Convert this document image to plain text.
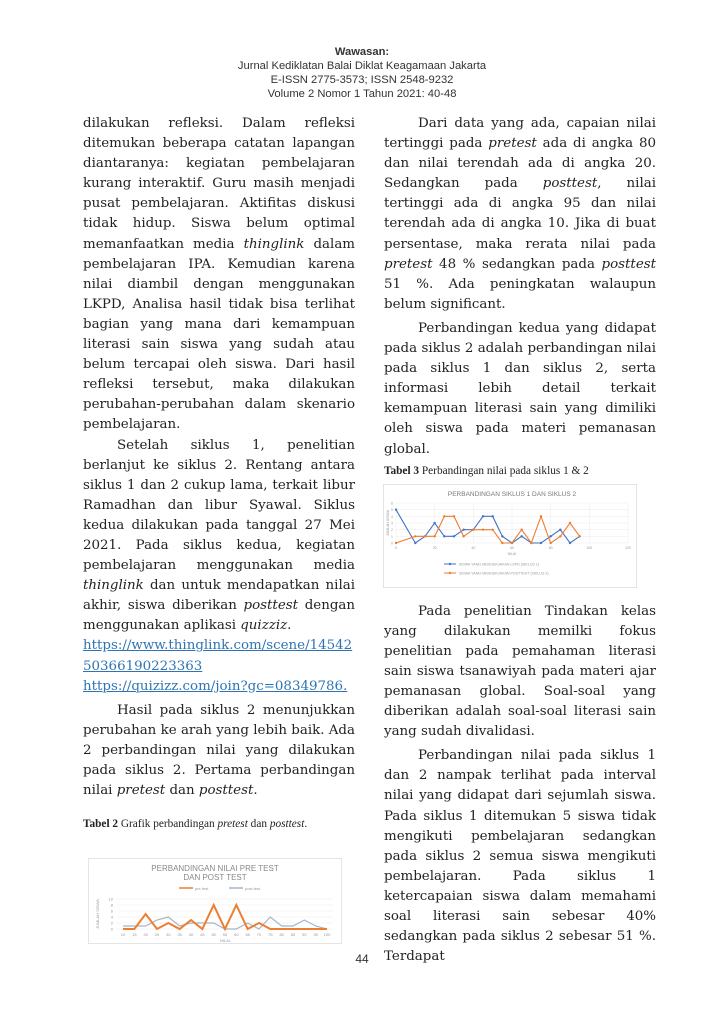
Wawasan:
Jurnal Kediklatan Balai Diklat Keagamaan Jakarta
E-ISSN 2775-3573; ISSN 2548-9232
Volume 2 Nomor 1 Tahun 2021: 40-48

dilakukan refleksi. Dalam refleksi ditemukan beberapa catatan lapangan diantaranya: kegiatan pembelajaran kurang interaktif. Guru masih menjadi pusat pembelajaran. Aktifitas diskusi tidak hidup. Siswa belum optimal memanfaatkan media thinglink dalam pembelajaran IPA. Kemudian karena nilai diambil dengan menggunakan LKPD, Analisa hasil tidak bisa terlihat bagian yang mana dari kemampuan literasi sain siswa yang sudah atau belum tercapai oleh siswa. Dari hasil refleksi tersebut, maka dilakukan perubahan-perubahan dalam skenario pembelajaran.

Setelah siklus 1, penelitian berlanjut ke siklus 2. Rentang antara siklus 1 dan 2 cukup lama, terkait libur Ramadhan dan libur Syawal. Siklus kedua dilakukan pada tanggal 27 Mei 2021. Pada siklus kedua, kegiatan pembelajaran menggunakan media thinglink dan untuk mendapatkan nilai akhir, siswa diberikan posttest dengan menggunakan aplikasi quizziz.
https://www.thinglink.com/scene/1454250366190223363
https://quizizz.com/join?gc=08349786.

Hasil pada siklus 2 menunjukkan perubahan ke arah yang lebih baik. Ada 2 perbandingan nilai yang dilakukan pada siklus 2. Pertama perbandingan nilai pretest dan posttest.

Tabel 2 Grafik perbandingan pretest dan posttest.

PERBANDINGAN NILAI PRE TEST
DAN POST TEST
pre test	post test
0
2
4
6
8
10
10 15 20 25 30 35 40 45 50 55 60 65 70 75 80 85 90 95 100
NILAI
JUMLAH SISWA

Dari data yang ada, capaian nilai tertinggi pada pretest ada di angka 80 dan nilai terendah ada di angka 20. Sedangkan pada posttest, nilai tertinggi ada di angka 95 dan nilai terendah ada di angka 10. Jika di buat persentase, maka rerata nilai pada pretest 48 % sedangkan pada posttest 51 %. Ada peningkatan walaupun belum significant.

Perbandingan kedua yang didapat pada siklus 2 adalah perbandingan nilai pada siklus 1 dan siklus 2, serta informasi lebih detail terkait kemampuan literasi sain yang dimiliki oleh siswa pada materi pemanasan global.

Tabel 3 Perbandingan nilai pada siklus 1 & 2

Pada penelitian Tindakan kelas yang dilakukan memilki fokus penelitian pada pemahaman literasi sain siswa tsanawiyah pada materi ajar pemanasan global. Soal-soal yang diberikan adalah soal-soal literasi sain yang sudah divalidasi.

Perbandingan nilai pada siklus 1 dan 2 nampak terlihat pada interval nilai yang didapat dari sejumlah siswa. Pada siklus 1 ditemukan 5 siswa tidak mengikuti pembelajaran sedangkan pada siklus 2 semua siswa mengikuti pembelajaran. Pada siklus 1 ketercapaian siswa dalam memahami soal literasi sain sebesar 40% sedangkan pada siklus 2 sebesar 51 %. Terdapat

PERBANDINGAN SIKLUS 1 DAN SIKLUS 2
0
1
2
3
4
5
6
0	20	40	60	80	100	120
NILAI
JUMLAH SISWA
SISWA YANG MENGERJAKAN LKPD (SIKLUS 1)
SISWA YANG MENGERJAKAN POSTTEST (SIKLUS 2)
44
